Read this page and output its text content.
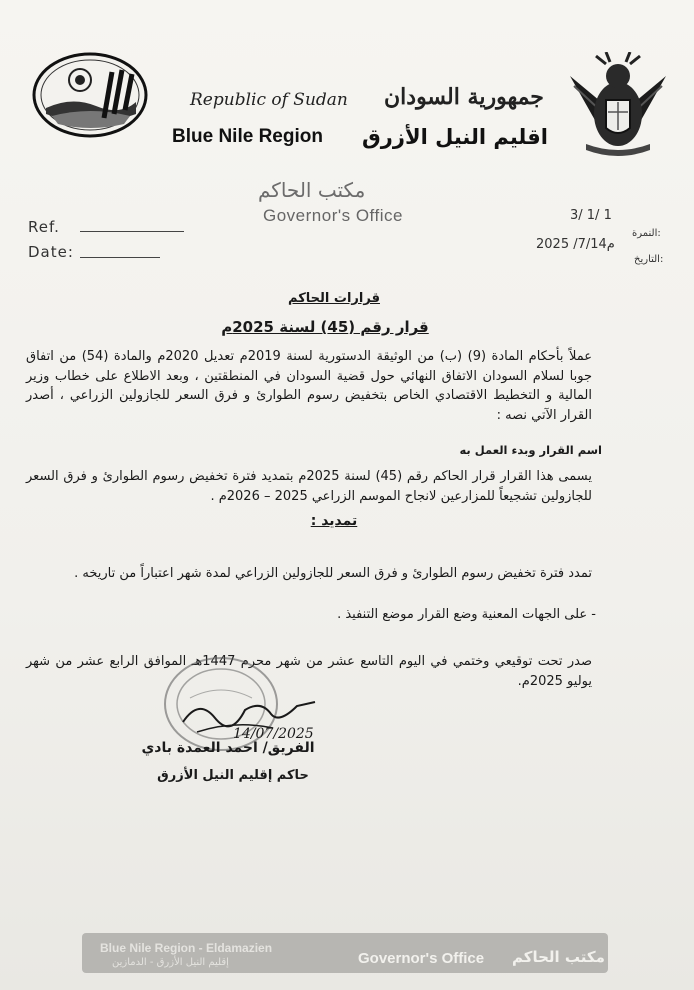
Republic of Sudan
Blue Nile Region
جمهورية السودان
اقليم النيل الأزرق
مكتب الحاكم
Governor's Office
Ref.
Date:
3/ 1/ 1
النمرة:
2025 /7/14م
التاريخ:
قرارات الحاكم
قرار رقم (45) لسنة 2025م
عملاً بأحكام المادة (9) (ب) من الوثيقة الدستورية لسنة 2019م تعديل 2020م والمادة (54) من اتفاق جوبا لسلام السودان الاتفاق النهائي حول قضية السودان في المنطقتين ، وبعد الاطلاع على خطاب وزير المالية و التخطيط الاقتصادي الخاص بتخفيض رسوم الطوارئ و فرق السعر للجازولين الزراعي ، أصدر القرار الآتي نصه :
اسم القرار وبدء العمل به
يسمى هذا القرار قرار الحاكم رقم (45) لسنة 2025م بتمديد فترة تخفيض رسوم الطوارئ و فرق السعر للجازولين تشجيعاً للمزارعين لانجاح الموسم الزراعي 2025 – 2026م .
تمديد :
تمدد فترة تخفيض رسوم الطوارئ و فرق السعر للجازولين الزراعي لمدة شهر اعتباراً من تاريخه .
- على الجهات المعنية وضع القرار موضع التنفيذ .
صدر تحت توقيعي وختمي في اليوم التاسع عشر من شهر محرم 1447هـ الموافق الرابع عشر من شهر يوليو 2025م.
14/07/2025
الفريق/ احمد العمدة بادي
حاكم إقليم النيل الأزرق
Blue Nile Region - Eldamazien
إقليم النيل الأزرق - الدمازين	Governor's Office مكتب الحاكم
